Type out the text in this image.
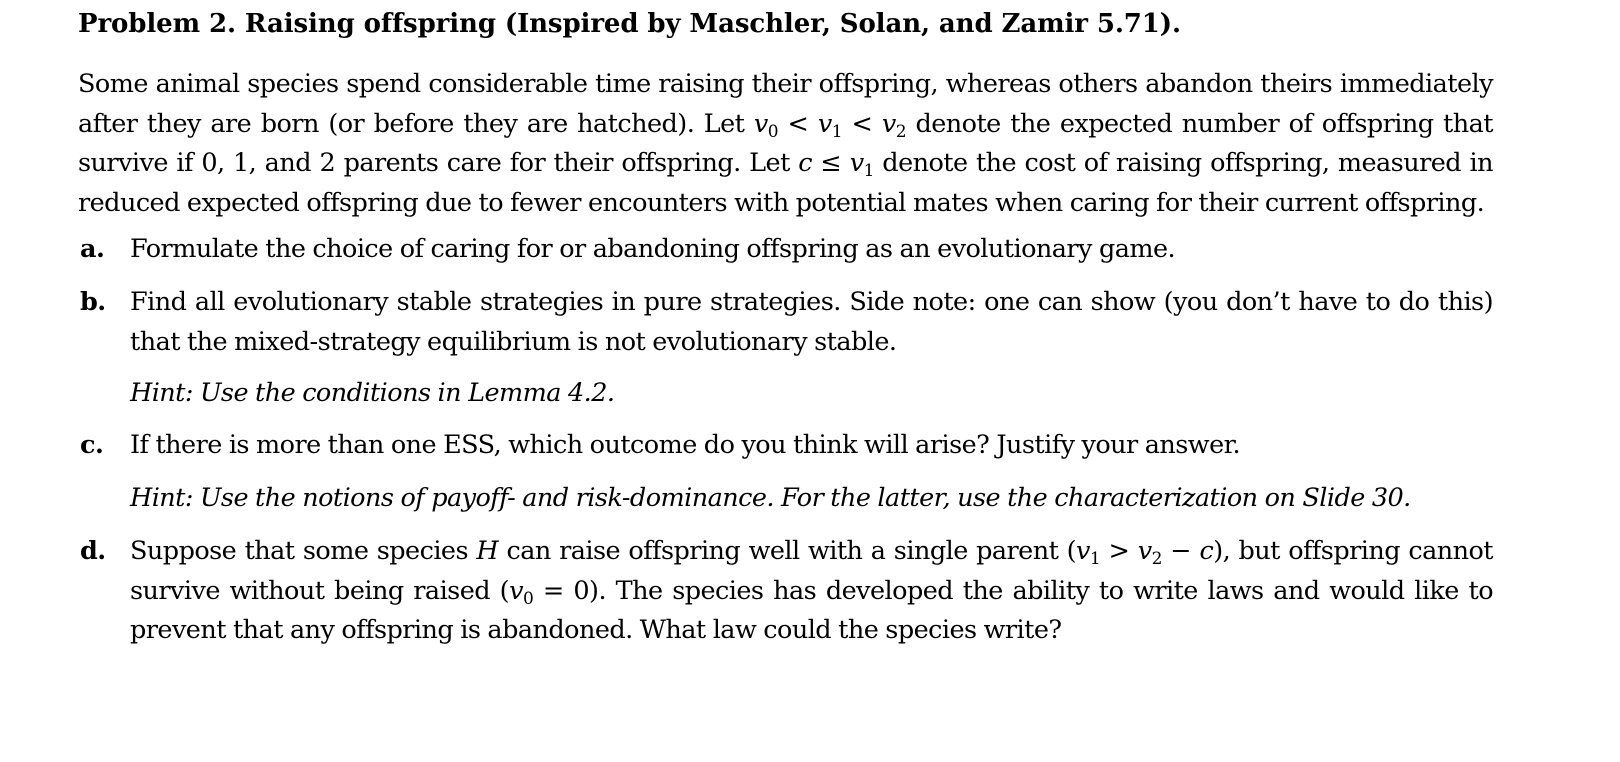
Problem 2. Raising offspring (Inspired by Maschler, Solan, and Zamir 5.71).

Some animal species spend considerable time raising their offspring, whereas others abandon theirs immediately after they are born (or before they are hatched). Let $v_0 < v_1 < v_2$ denote the expected number of offspring that survive if 0, 1, and 2 parents care for their offspring. Let $c \le v_1$ denote the cost of raising offspring, measured in reduced expected offspring due to fewer encounters with potential mates when caring for their current offspring.

a. Formulate the choice of caring for or abandoning offspring as an evolutionary game.
b. Find all evolutionary stable strategies in pure strategies. Side note: one can show (you don’t have to do this) that the mixed-strategy equilibrium is not evolutionary stable.
Hint: Use the conditions in Lemma 4.2.
c. If there is more than one ESS, which outcome do you think will arise? Justify your answer.
Hint: Use the notions of payoff- and risk-dominance. For the latter, use the characterization on Slide 30.
d. Suppose that some species H can raise offspring well with a single parent $(v_1 > v_2 - c)$, but offspring cannot survive without being raised $(v_0 = 0)$. The species has developed the ability to write laws and would like to prevent that any offspring is abandoned. What law could the species write?
